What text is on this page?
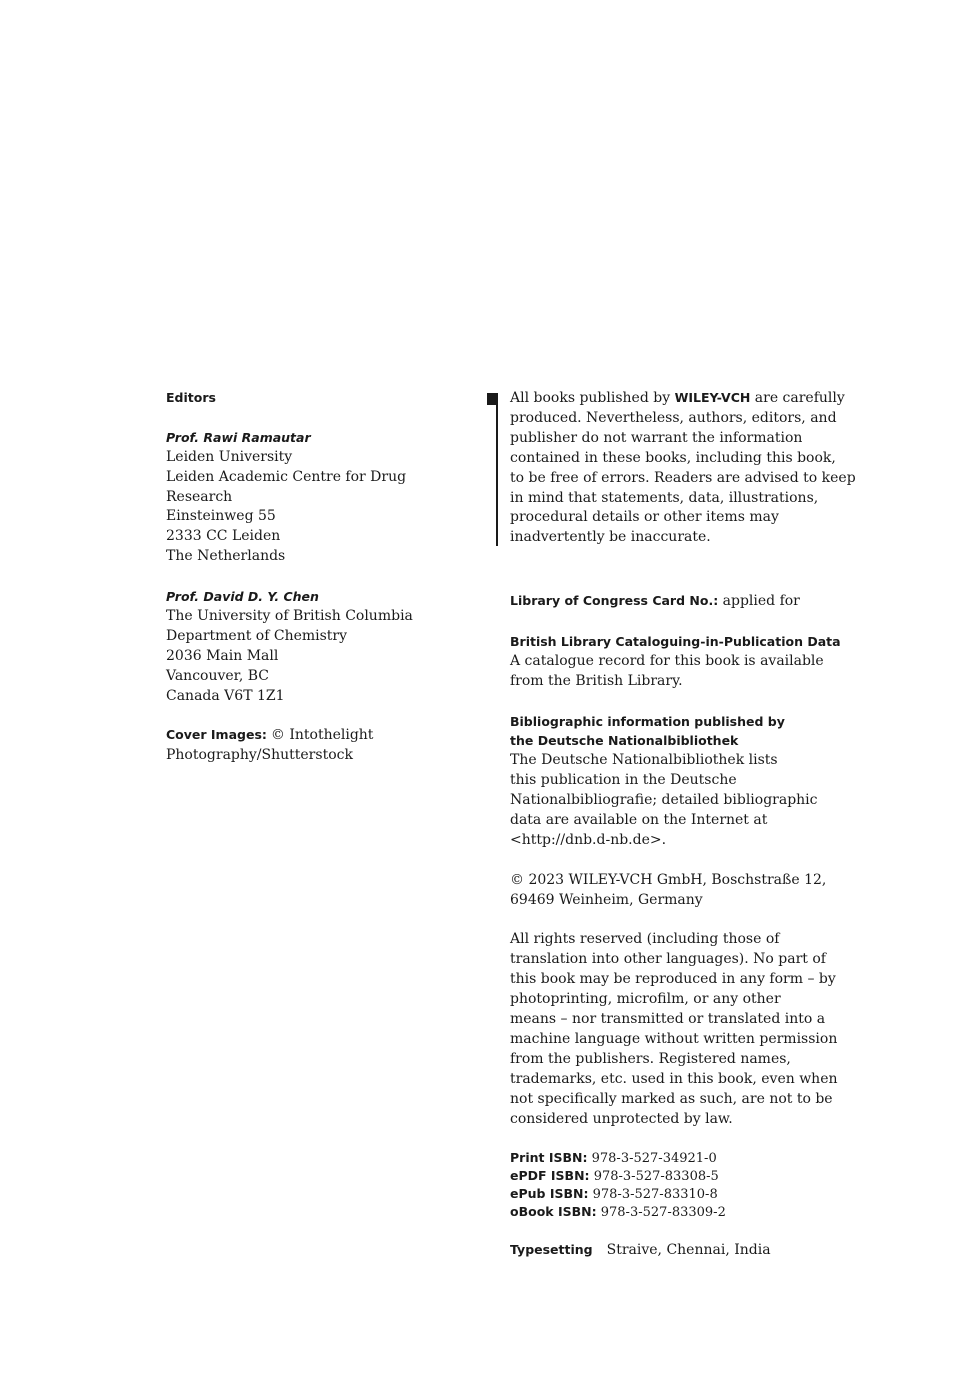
Editors
Prof. Rawi Ramautar
Leiden University
Leiden Academic Centre for Drug
Research
Einsteinweg 55
2333 CC Leiden
The Netherlands
Prof. David D. Y. Chen
The University of British Columbia
Department of Chemistry
2036 Main Mall
Vancouver, BC
Canada V6T 1Z1
Cover Images: © Intothelight
Photography/Shutterstock
All books published by WILEY-VCH are carefully
produced. Nevertheless, authors, editors, and
publisher do not warrant the information
contained in these books, including this book,
to be free of errors. Readers are advised to keep
in mind that statements, data, illustrations,
procedural details or other items may
inadvertently be inaccurate.
Library of Congress Card No.: applied for
British Library Cataloguing-in-Publication Data
A catalogue record for this book is available
from the British Library.
Bibliographic information published by
the Deutsche Nationalbibliothek
The Deutsche Nationalbibliothek lists
this publication in the Deutsche
Nationalbibliografie; detailed bibliographic
data are available on the Internet at
<http://dnb.d-nb.de>.
© 2023 WILEY-VCH GmbH, Boschstraße 12,
69469 Weinheim, Germany
All rights reserved (including those of
translation into other languages). No part of
this book may be reproduced in any form – by
photoprinting, microfilm, or any other
means – nor transmitted or translated into a
machine language without written permission
from the publishers. Registered names,
trademarks, etc. used in this book, even when
not specifically marked as such, are not to be
considered unprotected by law.
Print ISBN: 978-3-527-34921-0
ePDF ISBN: 978-3-527-83308-5
ePub ISBN: 978-3-527-83310-8
oBook ISBN: 978-3-527-83309-2
Typesetting Straive, Chennai, India
